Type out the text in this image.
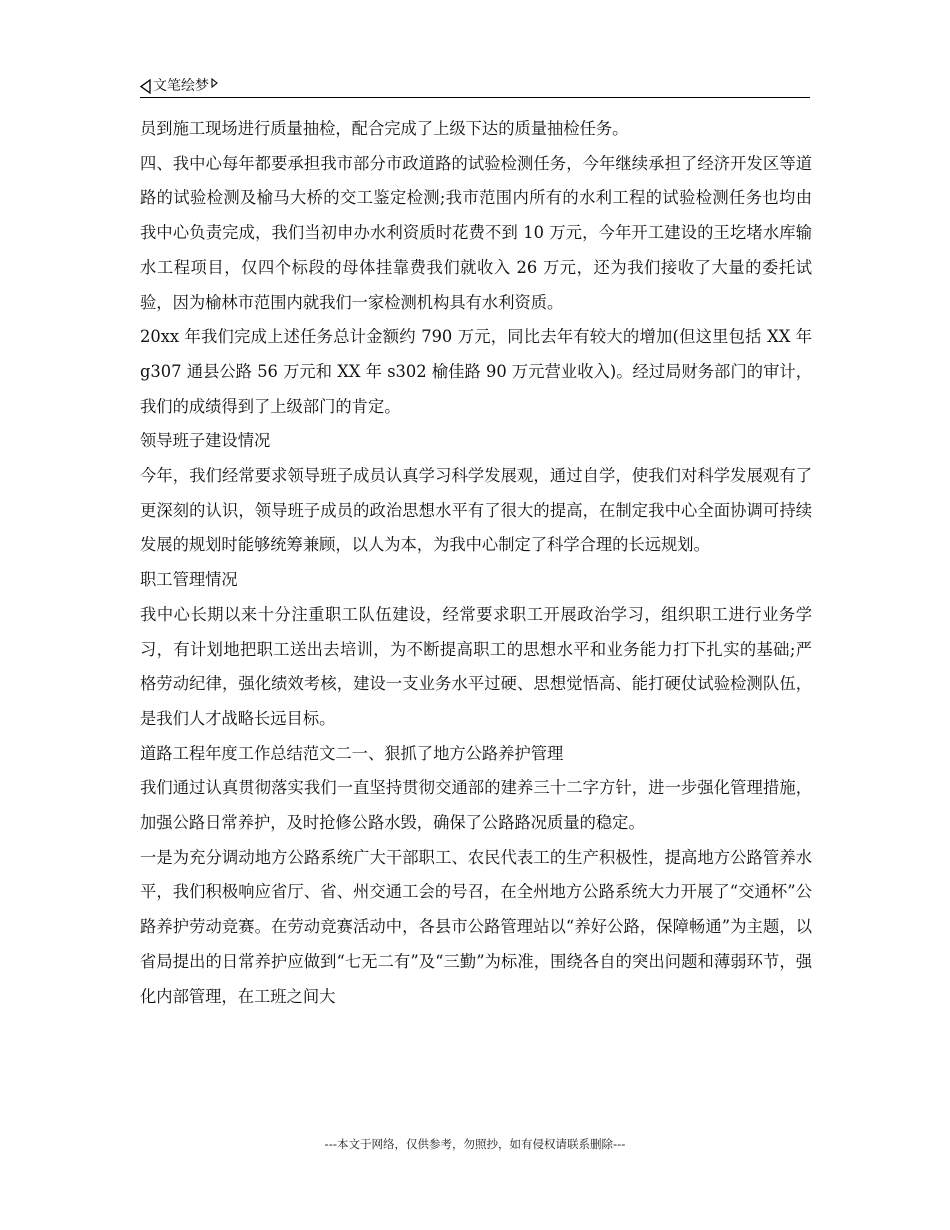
文笔绘梦

员到施工现场进行质量抽检，配合完成了上级下达的质量抽检任务。

四、我中心每年都要承担我市部分市政道路的试验检测任务，今年继续承担了经济开发区等道路的试验检测及榆马大桥的交工鉴定检测;我市范围内所有的水利工程的试验检测任务也均由我中心负责完成，我们当初申办水利资质时花费不到 10 万元，今年开工建设的王圪堵水库输水工程项目，仅四个标段的母体挂靠费我们就收入 26 万元，还为我们接收了大量的委托试验，因为榆林市范围内就我们一家检测机构具有水利资质。

20xx 年我们完成上述任务总计金额约 790 万元，同比去年有较大的增加(但这里包括 XX 年 g307 通县公路 56 万元和 XX 年 s302 榆佳路 90 万元营业收入)。经过局财务部门的审计，我们的成绩得到了上级部门的肯定。

领导班子建设情况

今年，我们经常要求领导班子成员认真学习科学发展观，通过自学，使我们对科学发展观有了更深刻的认识，领导班子成员的政治思想水平有了很大的提高，在制定我中心全面协调可持续发展的规划时能够统筹兼顾，以人为本，为我中心制定了科学合理的长远规划。

职工管理情况

我中心长期以来十分注重职工队伍建设，经常要求职工开展政治学习，组织职工进行业务学习，有计划地把职工送出去培训，为不断提高职工的思想水平和业务能力打下扎实的基础;严格劳动纪律，强化绩效考核，建设一支业务水平过硬、思想觉悟高、能打硬仗试验检测队伍，是我们人才战略长远目标。

道路工程年度工作总结范文二一、狠抓了地方公路养护管理

我们通过认真贯彻落实我们一直坚持贯彻交通部的建养三十二字方针，进一步强化管理措施，加强公路日常养护，及时抢修公路水毁，确保了公路路况质量的稳定。

一是为充分调动地方公路系统广大干部职工、农民代表工的生产积极性，提高地方公路管养水平，我们积极响应省厅、省、州交通工会的号召，在全州地方公路系统大力开展了“交通杯”公路养护劳动竞赛。在劳动竞赛活动中，各县市公路管理站以“养好公路，保障畅通”为主题，以省局提出的日常养护应做到“七无二有”及“三勤”为标准，围绕各自的突出问题和薄弱环节，强化内部管理，在工班之间大

---本文于网络，仅供参考，勿照抄，如有侵权请联系删除---
